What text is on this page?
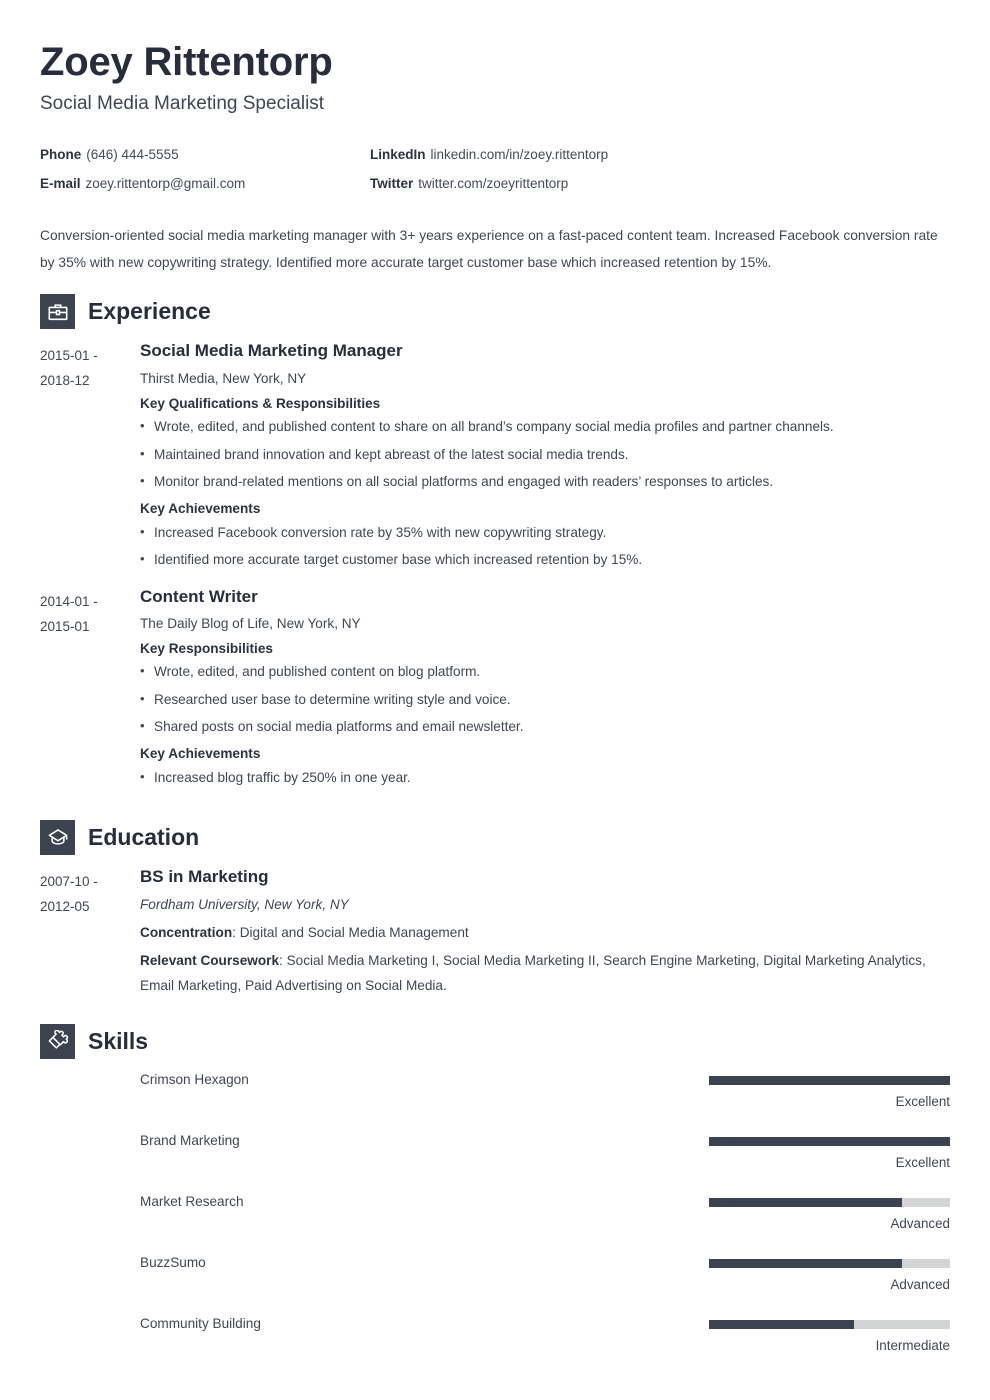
Zoey Rittentorp
Social Media Marketing Specialist
Phone (646) 444-5555	LinkedIn linkedin.com/in/zoey.rittentorp
E-mail zoey.rittentorp@gmail.com	Twitter twitter.com/zoeyrittentorp

Conversion-oriented social media marketing manager with 3+ years experience on a fast-paced content team. Increased Facebook conversion rate by 35% with new copywriting strategy. Identified more accurate target customer base which increased retention by 15%.

Experience
2015-01 -
2018-12
Social Media Marketing Manager
Thirst Media, New York, NY
Key Qualifications & Responsibilities
• Wrote, edited, and published content to share on all brand’s company social media profiles and partner channels.
• Maintained brand innovation and kept abreast of the latest social media trends.
• Monitor brand-related mentions on all social platforms and engaged with readers’ responses to articles.
Key Achievements
• Increased Facebook conversion rate by 35% with new copywriting strategy.
• Identified more accurate target customer base which increased retention by 15%.
2014-01 -
2015-01
Content Writer
The Daily Blog of Life, New York, NY
Key Responsibilities
• Wrote, edited, and published content on blog platform.
• Researched user base to determine writing style and voice.
• Shared posts on social media platforms and email newsletter.
Key Achievements
• Increased blog traffic by 250% in one year.
Education
2007-10 -
2012-05
BS in Marketing
Fordham University, New York, NY

Concentration: Digital and Social Media Management

Relevant Coursework: Social Media Marketing I, Social Media Marketing II, Search Engine Marketing, Digital Marketing Analytics, Email Marketing, Paid Advertising on Social Media.

Skills
Crimson Hexagon
Excellent
Brand Marketing
Excellent
Market Research
Advanced
BuzzSumo
Advanced
Community Building
Intermediate
